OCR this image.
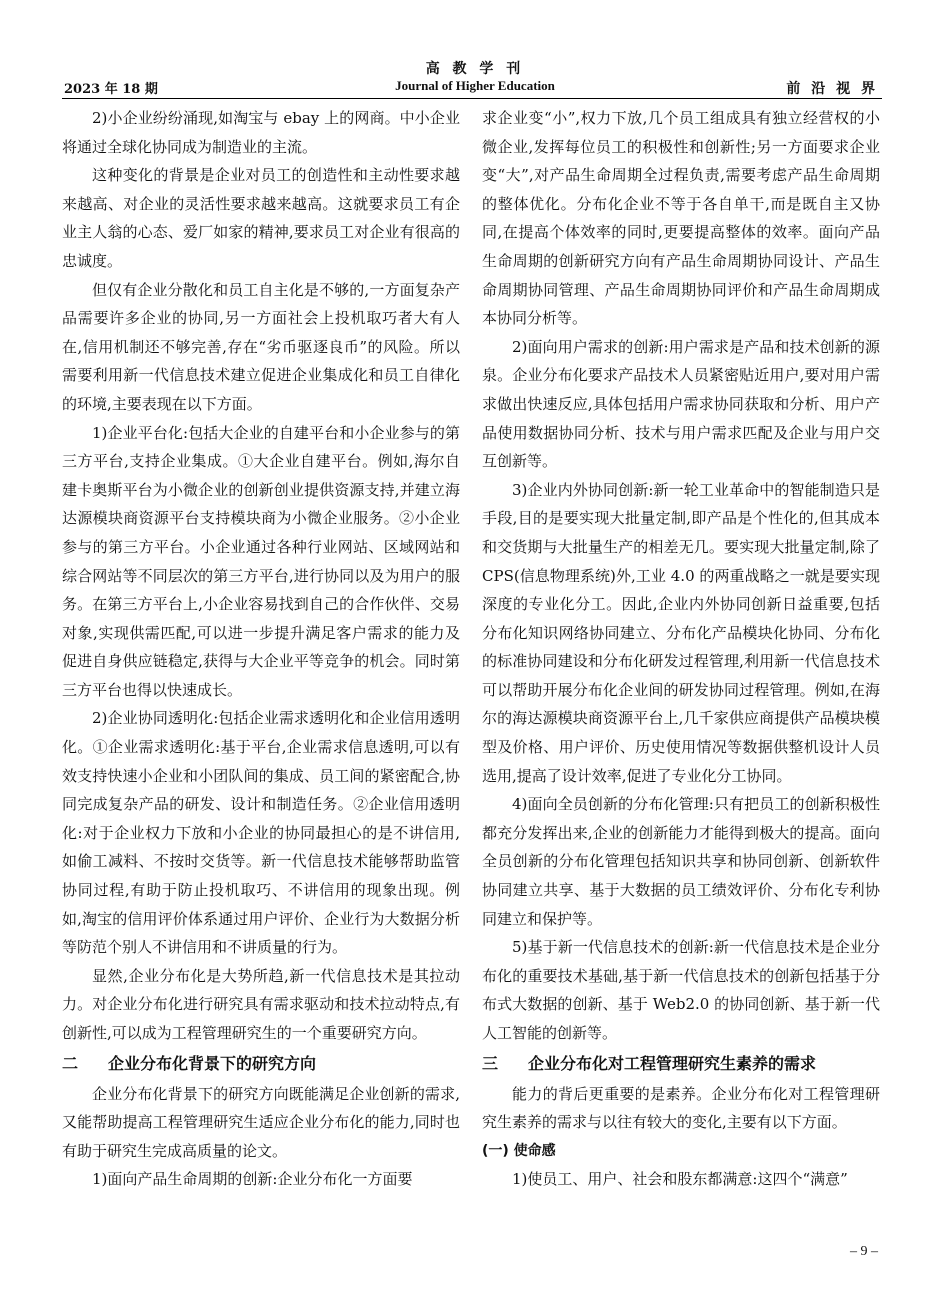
高 教 学 刊
2023 年 18 期	Journal of Higher Education	前 沿 视 界

2)小企业纷纷涌现,如淘宝与 ebay 上的网商。中小企业将通过全球化协同成为制造业的主流。

这种变化的背景是企业对员工的创造性和主动性要求越来越高、对企业的灵活性要求越来越高。这就要求员工有企业主人翁的心态、爱厂如家的精神,要求员工对企业有很高的忠诚度。

但仅有企业分散化和员工自主化是不够的,一方面复杂产品需要许多企业的协同,另一方面社会上投机取巧者大有人在,信用机制还不够完善,存在“劣币驱逐良币”的风险。所以需要利用新一代信息技术建立促进企业集成化和员工自律化的环境,主要表现在以下方面。

1)企业平台化:包括大企业的自建平台和小企业参与的第三方平台,支持企业集成。①大企业自建平台。例如,海尔自建卡奥斯平台为小微企业的创新创业提供资源支持,并建立海达源模块商资源平台支持模块商为小微企业服务。②小企业参与的第三方平台。小企业通过各种行业网站、区域网站和综合网站等不同层次的第三方平台,进行协同以及为用户的服务。在第三方平台上,小企业容易找到自己的合作伙伴、交易对象,实现供需匹配,可以进一步提升满足客户需求的能力及促进自身供应链稳定,获得与大企业平等竞争的机会。同时第三方平台也得以快速成长。

2)企业协同透明化:包括企业需求透明化和企业信用透明化。①企业需求透明化:基于平台,企业需求信息透明,可以有效支持快速小企业和小团队间的集成、员工间的紧密配合,协同完成复杂产品的研发、设计和制造任务。②企业信用透明化:对于企业权力下放和小企业的协同最担心的是不讲信用,如偷工减料、不按时交货等。新一代信息技术能够帮助监管协同过程,有助于防止投机取巧、不讲信用的现象出现。例如,淘宝的信用评价体系通过用户评价、企业行为大数据分析等防范个别人不讲信用和不讲质量的行为。

显然,企业分布化是大势所趋,新一代信息技术是其拉动力。对企业分布化进行研究具有需求驱动和技术拉动特点,有创新性,可以成为工程管理研究生的一个重要研究方向。

二 企业分布化背景下的研究方向

企业分布化背景下的研究方向既能满足企业创新的需求,又能帮助提高工程管理研究生适应企业分布化的能力,同时也有助于研究生完成高质量的论文。

1)面向产品生命周期的创新:企业分布化一方面要

求企业变“小”,权力下放,几个员工组成具有独立经营权的小微企业,发挥每位员工的积极性和创新性;另一方面要求企业变“大”,对产品生命周期全过程负责,需要考虑产品生命周期的整体优化。分布化企业不等于各自单干,而是既自主又协同,在提高个体效率的同时,更要提高整体的效率。面向产品生命周期的创新研究方向有产品生命周期协同设计、产品生命周期协同管理、产品生命周期协同评价和产品生命周期成本协同分析等。

2)面向用户需求的创新:用户需求是产品和技术创新的源泉。企业分布化要求产品技术人员紧密贴近用户,要对用户需求做出快速反应,具体包括用户需求协同获取和分析、用户产品使用数据协同分析、技术与用户需求匹配及企业与用户交互创新等。

3)企业内外协同创新:新一轮工业革命中的智能制造只是手段,目的是要实现大批量定制,即产品是个性化的,但其成本和交货期与大批量生产的相差无几。要实现大批量定制,除了 CPS(信息物理系统)外,工业 4.0 的两重战略之一就是要实现深度的专业化分工。因此,企业内外协同创新日益重要,包括分布化知识网络协同建立、分布化产品模块化协同、分布化的标准协同建设和分布化研发过程管理,利用新一代信息技术可以帮助开展分布化企业间的研发协同过程管理。例如,在海尔的海达源模块商资源平台上,几千家供应商提供产品模块模型及价格、用户评价、历史使用情况等数据供整机设计人员选用,提高了设计效率,促进了专业化分工协同。

4)面向全员创新的分布化管理:只有把员工的创新积极性都充分发挥出来,企业的创新能力才能得到极大的提高。面向全员创新的分布化管理包括知识共享和协同创新、创新软件协同建立共享、基于大数据的员工绩效评价、分布化专利协同建立和保护等。

5)基于新一代信息技术的创新:新一代信息技术是企业分布化的重要技术基础,基于新一代信息技术的创新包括基于分布式大数据的创新、基于 Web2.0 的协同创新、基于新一代人工智能的创新等。

三 企业分布化对工程管理研究生素养的需求

能力的背后更重要的是素养。企业分布化对工程管理研究生素养的需求与以往有较大的变化,主要有以下方面。

(一) 使命感

1)使员工、用户、社会和股东都满意:这四个“满意”

– 9 –
